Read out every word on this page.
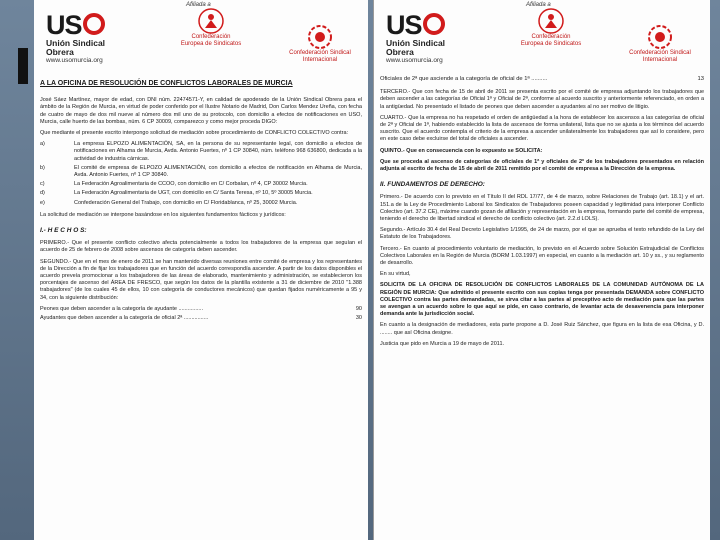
US
Unión Sindical Obrera
www.usomurcia.org
Afiliada a
Confederación Europea de Sindicatos
Confederación Sindical Internacional

A LA OFICINA DE RESOLUCIÓN DE CONFLICTOS LABORALES DE MURCIA

José Sáez Martínez, mayor de edad, con DNI núm. 22474571-Y, en calidad de apoderado de la Unión Sindical Obrera para el ámbito de la Región de Murcia, en virtud de poder conferido por el Ilustre Notario de Madrid, Don Carlos Mendez Ureña, con fecha de cuatro de mayo de dos mil nueve al número dos mil uno de su protocolo, con domicilio a efectos de notificaciones en USO, Murcia, calle huerto de las bombas, núm. 6 CP 30009, comparezco y como mejor proceda DIGO:

Que mediante el presente escrito interpongo solicitud de mediación sobre procedimiento de CONFLICTO COLECTIVO contra:

a)	La empresa ELPOZO ALIMENTACIÓN, SA, en la persona de su representante legal, con domicilio a efectos de notificaciones en Alhama de Murcia, Avda. Antonio Fuertes, nº 1 CP 30840, núm. teléfono 968 636800, dedicada a la actividad de industria cárnicas.
b)	El comité de empresa de ELPOZO ALIMENTACIÓN, con domicilio a efectos de notificación en Alhama de Murcia, Avda. Antonio Fuertes, nº 1 CP 30840.
c)	La Federación Agroalimentaria de CCOO, con domicilio en C/ Corbalan, nº 4, CP 30002 Murcia.
d)	La Federación Agroalimentaria de UGT, con domicilio en C/ Santa Teresa, nº 10, 5º 30005 Murcia.
e)	Confederación General del Trabajo, con domicilio en C/ Floridablanca, nº 25, 30002 Murcia.

La solicitud de mediación se interpone basándose en los siguientes fundamentos fácticos y jurídicos:

I.- H E C H O S:

PRIMERO.- Que el presente conflicto colectivo afecta potencialmente a todos los trabajadores de la empresa que seguían el acuerdo de 25 de febrero de 2008 sobre ascensos de categoría deben ascender.

SEGUNDO.- Que en el mes de enero de 2011 se han mantenido diversas reuniones entre comité de empresa y los representantes de la Dirección a fin de fijar los trabajadores que en función del acuerdo correspondía ascender. A partir de los datos disponibles el acuerdo preveía promocionar a los trabajadores de las áreas de elaborado, mantenimiento y administración, se establecieron los porcentajes de ascenso del ÁREA DE FRESCO, que según los datos de la plantilla existente a 31 de diciembre de 2010 "1.388 trabajadores" (de los cuales 45 de ellos, 10 con categoría de conductores mecánicos) que quedan fijados numéricamente a 95 y 34, con la siguiente distribución:

Peones que deben ascender a la categoría de ayudante ................	90
Ayudantes que deben ascender a la categoría de oficial 2ª ................	30
US
Unión Sindical Obrera
www.usomurcia.org
Afiliada a
Confederación Europea de Sindicatos
Confederación Sindical Internacional
Oficiales de 2ª que asciende a la categoría de oficial de 1ª ..........	13

TERCERO.- Que con fecha de 15 de abril de 2011 se presenta escrito por el comité de empresa adjuntando los trabajadores que deben ascender a las categorías de Oficial 1ª y Oficial de 2ª, conforme al acuerdo suscrito y anteriormente referenciado, en orden a la antigüedad. No presentado el listado de peones que deben ascender a ayudantes al no ser motivo de litigio.

CUARTO.- Que la empresa no ha respetado el orden de antigüedad a la hora de establecer los ascensos a las categorías de oficial de 2ª y Oficial de 1ª, habiendo establecido la lista de ascensos de forma unilateral, lista que no se ajusta a los términos del acuerdo suscrito. Que el acuerdo contempla el criterio de la empresa a ascender unilateralmente los trabajadores que así lo considere, pero en este caso debe excluirse del total de oficiales a ascender.

QUINTO.- Que en consecuencia con lo expuesto se SOLICITA:

Que se proceda al ascenso de categorías de oficiales de 1ª y oficiales de 2ª de los trabajadores presentados en relación adjunta al escrito de fecha de 15 de abril de 2011 remitido por el comité de empresa a la Dirección de la empresa.

II. FUNDAMENTOS DE DERECHO:

Primero.- De acuerdo con lo previsto en el Título II del RDL 17/77, de 4 de marzo, sobre Relaciones de Trabajo (art. 18.1) y el art. 151.a de la Ley de Procedimiento Laboral los Sindicatos de Trabajadores poseen capacidad y legitimidad para interponer Conflicto Colectivo (art. 37.2 CE), máxime cuando gozan de afiliación y representación en la empresa, formando parte del comité de empresa, teniendo el derecho de libertad sindical el derecho de conflicto colectivo (art. 2.2.d LOLS).

Segundo.- Artículo 30.4 del Real Decreto Legislativo 1/1995, de 24 de marzo, por el que se aprueba el texto refundido de la Ley del Estatuto de los Trabajadores.

Tercero.- En cuanto al procedimiento voluntario de mediación, lo previsto en el Acuerdo sobre Solución Extrajudicial de Conflictos Colectivos Laborales en la Región de Murcia (BORM 1.03.1997) en especial, en cuanto a la mediación art. 10 y ss., y su reglamento de desarrollo.

En su virtud,

SOLICITA DE LA OFICINA DE RESOLUCIÓN DE CONFLICTOS LABORALES DE LA COMUNIDAD AUTÓNOMA DE LA REGIÓN DE MURCIA: Que admitido el presente escrito con sus copias tenga por presentada DEMANDA sobre CONFLICTO COLECTIVO contra las partes demandadas, se sirva citar a las partes al preceptivo acto de mediación para que las partes se avengan a un acuerdo sobre lo que aquí se pide, en caso contrario, de levantar acta de desavenencia para interponer demanda ante la jurisdicción social.

En cuanto a la designación de mediadores, esta parte propone a D. José Ruiz Sánchez, que figura en la lista de esa Oficina, y D. ........ que así Oficina designe.

Justicia que pido en Murcia a 19 de mayo de 2011.
